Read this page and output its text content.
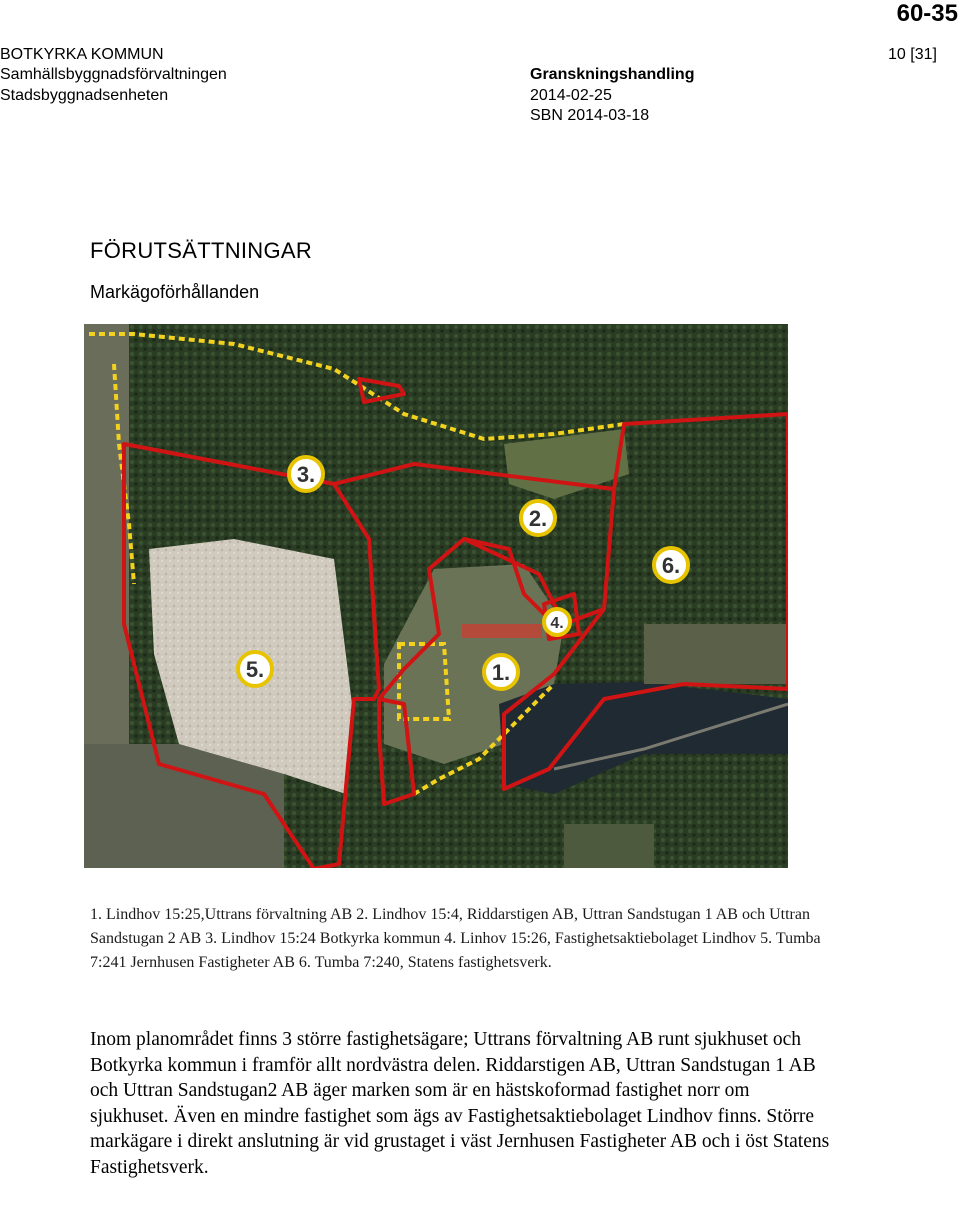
60-35
BOTKYRKA KOMMUN
Samhällsbyggnadsförvaltningen
Stadsbyggnadsenheten
Granskningshandling
2014-02-25
SBN 2014-03-18
10 [31]
FÖRUTSÄTTNINGAR
Markägoförhållanden
3.
2.
6.
4.
5.	1.
1. Lindhov 15:25,Uttrans förvaltning AB 2. Lindhov 15:4, Riddarstigen AB, Uttran Sandstugan 1 AB och Uttran Sandstugan 2 AB 3. Lindhov 15:24 Botkyrka kommun 4. Linhov 15:26, Fastighetsaktiebolaget Lindhov 5. Tumba 7:241 Jernhusen Fastigheter AB 6. Tumba 7:240, Statens fastighetsverk.
Inom planområdet finns 3 större fastighetsägare; Uttrans förvaltning AB runt sjukhuset och Botkyrka kommun i framför allt nordvästra delen. Riddarstigen AB, Uttran Sandstugan 1 AB och Uttran Sandstugan2 AB äger marken som är en hästskoformad fastighet norr om sjukhuset. Även en mindre fastighet som ägs av Fastighetsaktiebolaget Lindhov finns. Större markägare i direkt anslutning är vid grustaget i väst Jernhusen Fastigheter AB och i öst Statens Fastighetsverk.
